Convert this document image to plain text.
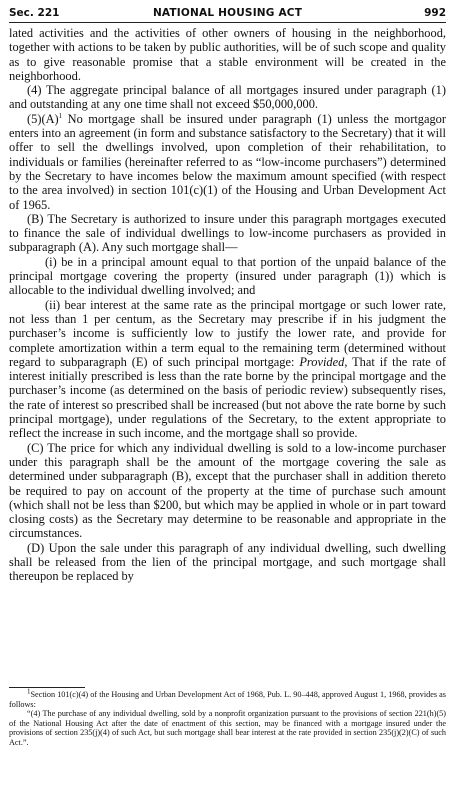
Sec. 221	NATIONAL HOUSING ACT	992

lated activities and the activities of other owners of housing in the neighborhood, together with actions to be taken by public authorities, will be of such scope and quality as to give reasonable promise that a stable environment will be created in the neighborhood.

(4) The aggregate principal balance of all mortgages insured under paragraph (1) and outstanding at any one time shall not exceed $50,000,000.

$(5)(A)^1$ No mortgage shall be insured under paragraph (1) unless the mortgagor enters into an agreement (in form and substance satisfactory to the Secretary) that it will offer to sell the dwellings involved, upon completion of their rehabilitation, to individuals or families (hereinafter referred to as “low-income purchasers”) determined by the Secretary to have incomes below the maximum amount specified (with respect to the area involved) in section 101(c)(1) of the Housing and Urban Development Act of 1965.

(B) The Secretary is authorized to insure under this paragraph mortgages executed to finance the sale of individual dwellings to low-income purchasers as provided in subparagraph (A). Any such mortgage shall—

(i) be in a principal amount equal to that portion of the unpaid balance of the principal mortgage covering the property (insured under paragraph (1)) which is allocable to the individual dwelling involved; and

(ii) bear interest at the same rate as the principal mortgage or such lower rate, not less than 1 per centum, as the Secretary may prescribe if in his judgment the purchaser’s income is sufficiently low to justify the lower rate, and provide for complete amortization within a term equal to the remaining term (determined without regard to subparagraph (E) of such principal mortgage: Provided, That if the rate of interest initially prescribed is less than the rate borne by the principal mortgage and the purchaser’s income (as determined on the basis of periodic review) subsequently rises, the rate of interest so prescribed shall be increased (but not above the rate borne by such principal mortgage), under regulations of the Secretary, to the extent appropriate to reflect the increase in such income, and the mortgage shall so provide.

(C) The price for which any individual dwelling is sold to a low-income purchaser under this paragraph shall be the amount of the mortgage covering the sale as determined under subparagraph (B), except that the purchaser shall in addition thereto be required to pay on account of the property at the time of purchase such amount (which shall not be less than $200, but which may be applied in whole or in part toward closing costs) as the Secretary may determine to be reasonable and appropriate in the circumstances.

(D) Upon the sale under this paragraph of any individual dwelling, such dwelling shall be released from the lien of the principal mortgage, and such mortgage shall thereupon be replaced by

$^1$Section 101(c)(4) of the Housing and Urban Development Act of 1968, Pub. L. 90–448, approved August 1, 1968, provides as follows:

“(4) The purchase of any individual dwelling, sold by a nonprofit organization pursuant to the provisions of section 221(h)(5) of the National Housing Act after the date of enactment of this section, may be financed with a mortgage insured under the provisions of section 235(j)(4) of such Act, but such mortgage shall bear interest at the rate provided in section 235(j)(2)(C) of such Act.”.
